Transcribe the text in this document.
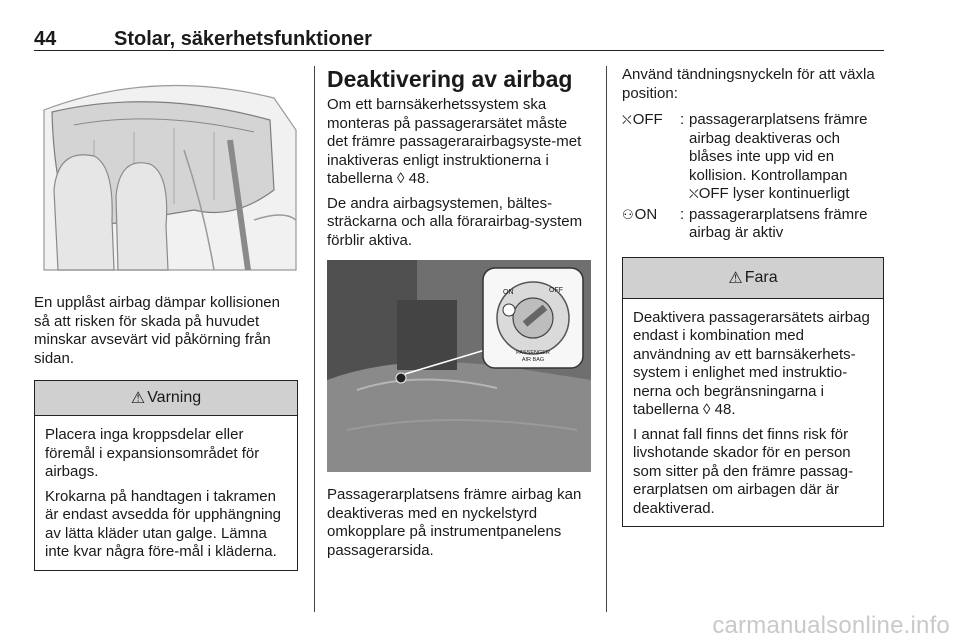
44	Stolar, säkerhetsfunktioner

En upplåst airbag dämpar kollisionen så att risken för skada på huvudet minskar avsevärt vid påkörning från sidan.

⚠ Varning

Placera inga kroppsdelar eller föremål i expansionsområdet för airbags.

Krokarna på handtagen i takramen är endast avsedda för upphängning av lätta kläder utan galge. Lämna inte kvar några före-mål i kläderna.

Deaktivering av airbag

Om ett barnsäkerhetssystem ska monteras på passagerarsätet måste det främre passagerarairbagsyste-met inaktiveras enligt instruktionerna i tabellerna ◊ 48.

De andra airbagsystemen, bältes-sträckarna och alla förarairbag-system förblir aktiva.

ON	OFF
PASSENGER
AIR BAG

Passagerarplatsens främre airbag kan deaktiveras med en nyckelstyrd omkopplare på instrumentpanelens passagerarsida.

Använd tändningsnyckeln för att växla position:

⛌ OFF : passagerarplatsens främre airbag deaktiveras och blåses inte upp vid en kollision. Kontrollampan
⛌OFF lyser kontinuerligt
⚇ ON : passagerarplatsens främre airbag är aktiv
⚠ Fara

Deaktivera passagerarsätets airbag endast i kombination med användning av ett barnsäkerhets-system i enlighet med instruktio-nerna och begränsningarna i tabellerna ◊ 48.

I annat fall finns det finns risk för livshotande skador för en person som sitter på den främre passag-erarplatsen om airbagen där är deaktiverad.

carmanualsonline.info
